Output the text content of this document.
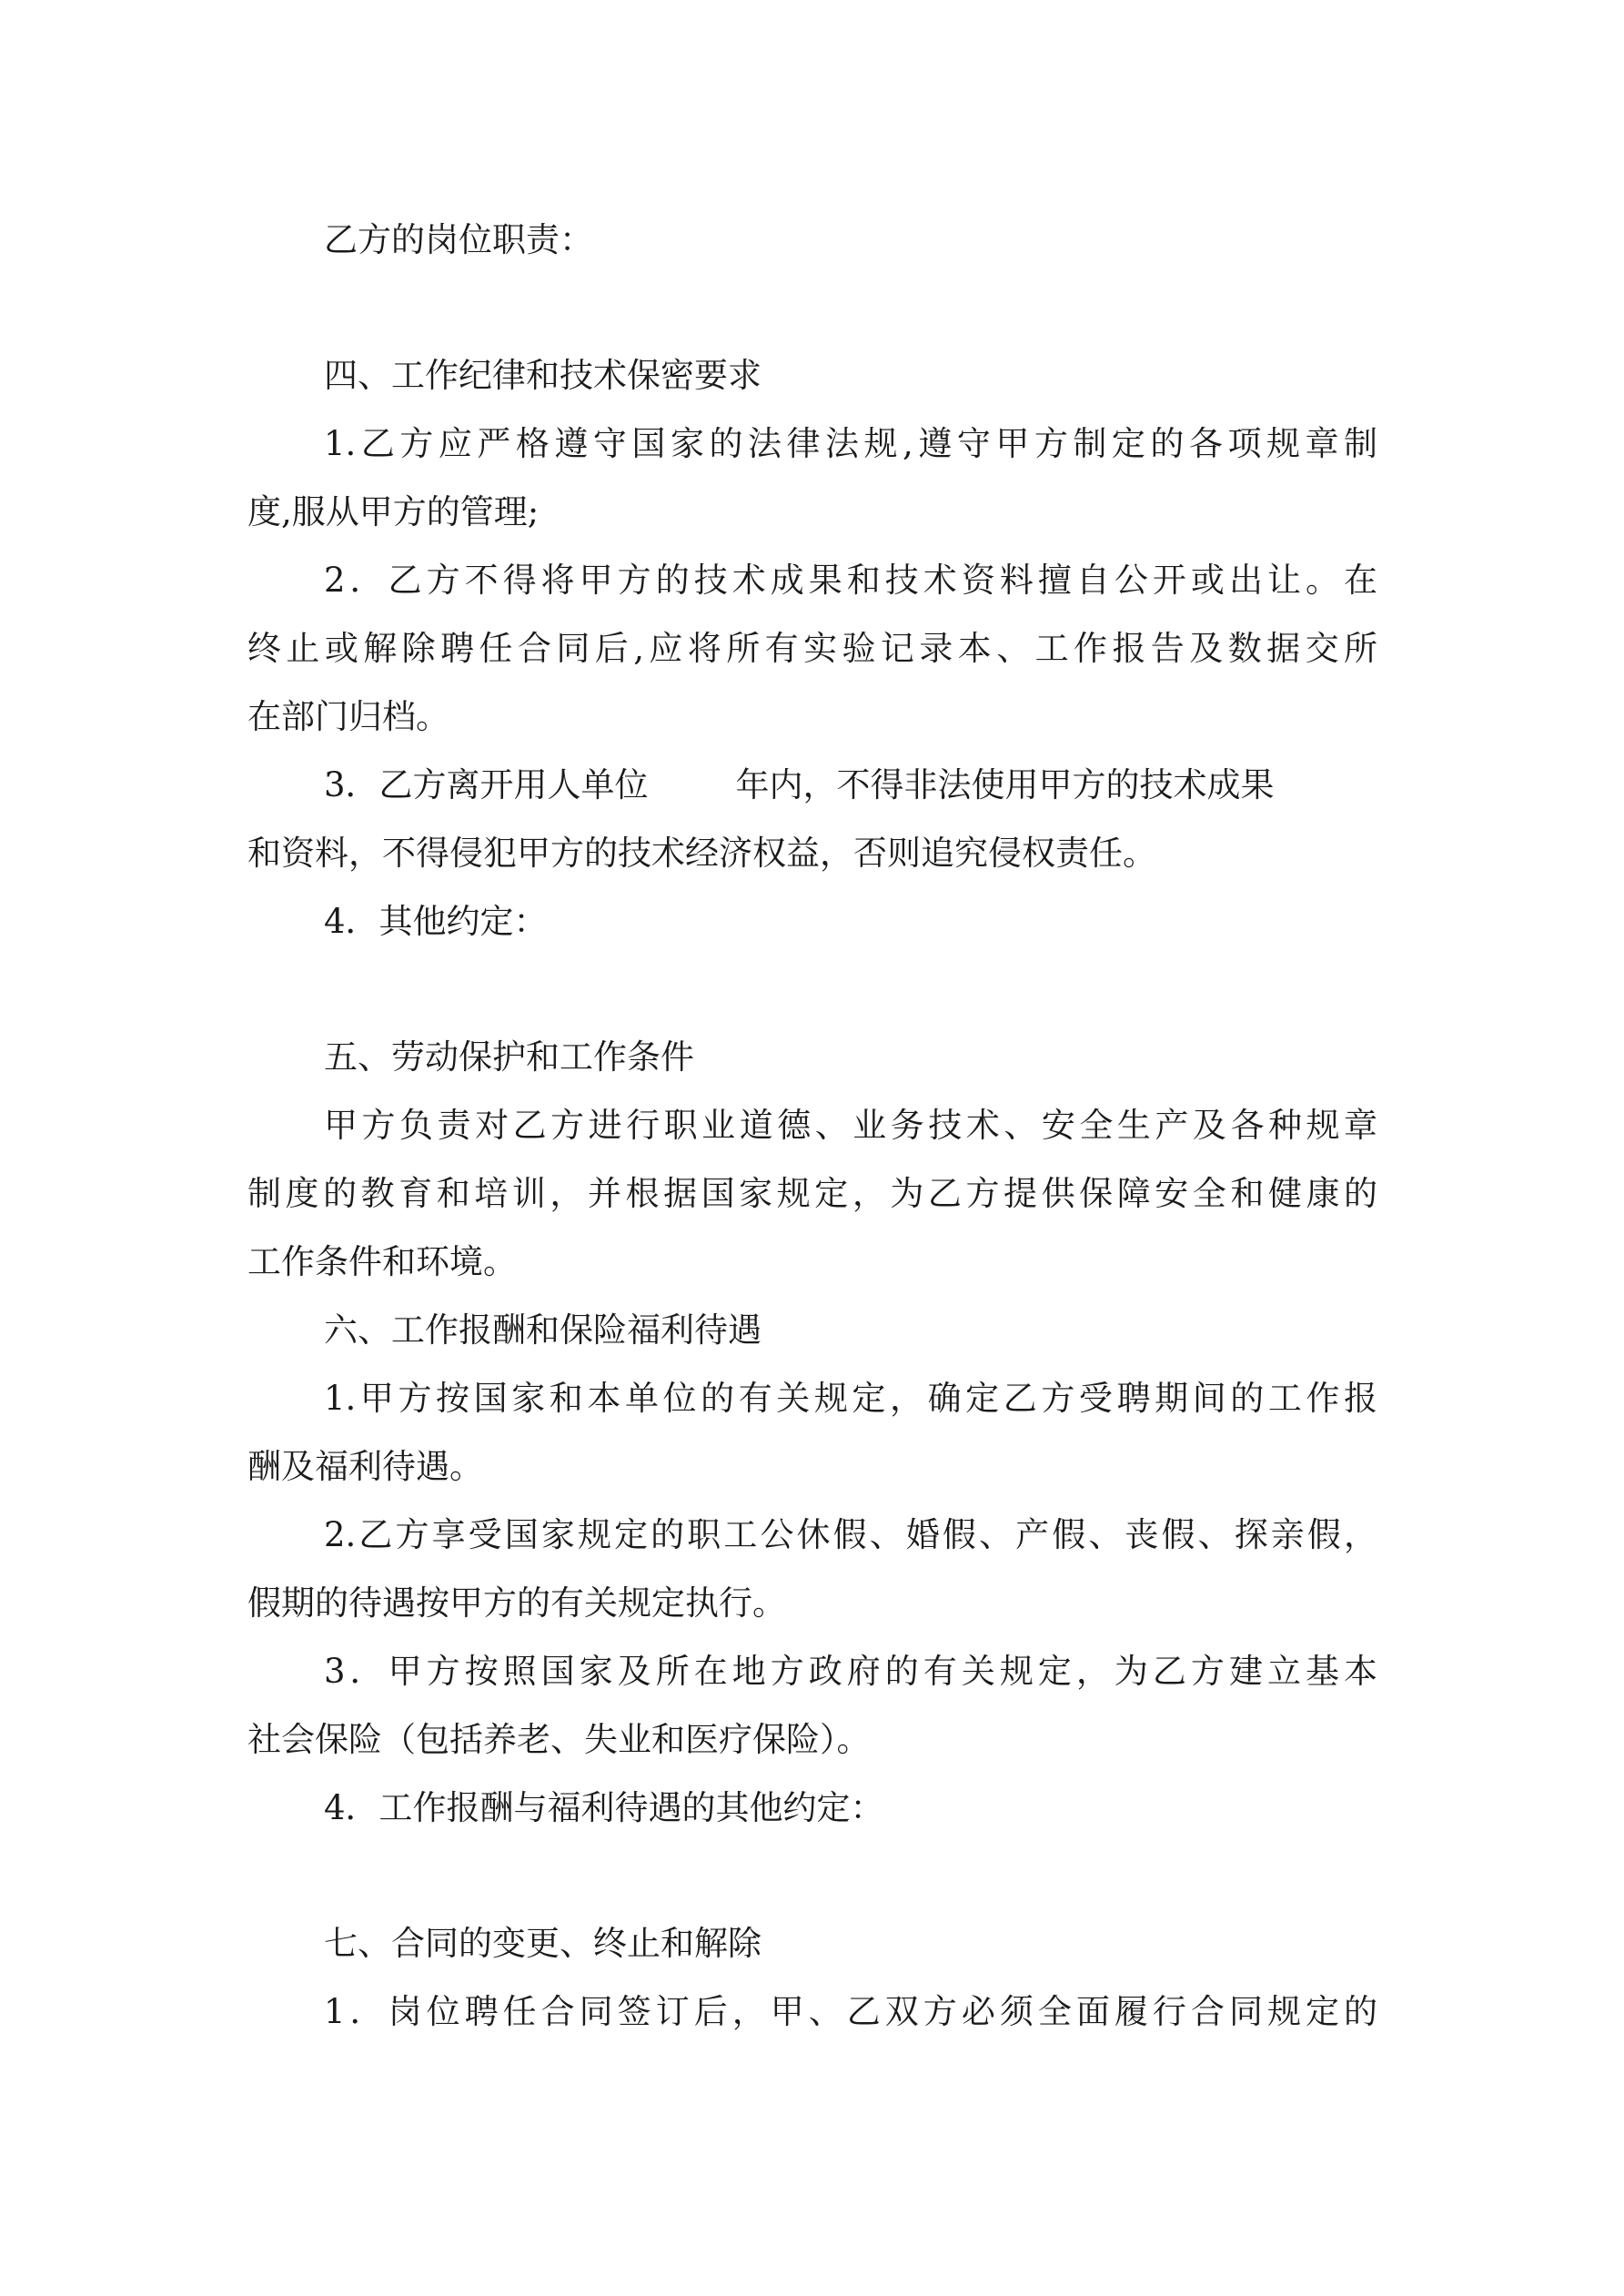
乙方的岗位职责：

四、工作纪律和技术保密要求

1.乙方应严格遵守国家的法律法规,遵守甲方制定的各项规章制

度,服从甲方的管理;

2．乙方不得将甲方的技术成果和技术资料擅自公开或出让。在

终止或解除聘任合同后,应将所有实验记录本、工作报告及数据交所

在部门归档。

3．乙方离开用人单位	年内，不得非法使用甲方的技术成果

和资料，不得侵犯甲方的技术经济权益，否则追究侵权责任。

4．其他约定：

五、劳动保护和工作条件

甲方负责对乙方进行职业道德、业务技术、安全生产及各种规章

制度的教育和培训，并根据国家规定，为乙方提供保障安全和健康的

工作条件和环境。

六、工作报酬和保险福利待遇

1.甲方按国家和本单位的有关规定，确定乙方受聘期间的工作报

酬及福利待遇。

2.乙方享受国家规定的职工公休假、婚假、产假、丧假、探亲假，

假期的待遇按甲方的有关规定执行。

3．甲方按照国家及所在地方政府的有关规定，为乙方建立基本

社会保险（包括养老、失业和医疗保险）。

4．工作报酬与福利待遇的其他约定：

七、合同的变更、终止和解除

1．岗位聘任合同签订后，甲、乙双方必须全面履行合同规定的
